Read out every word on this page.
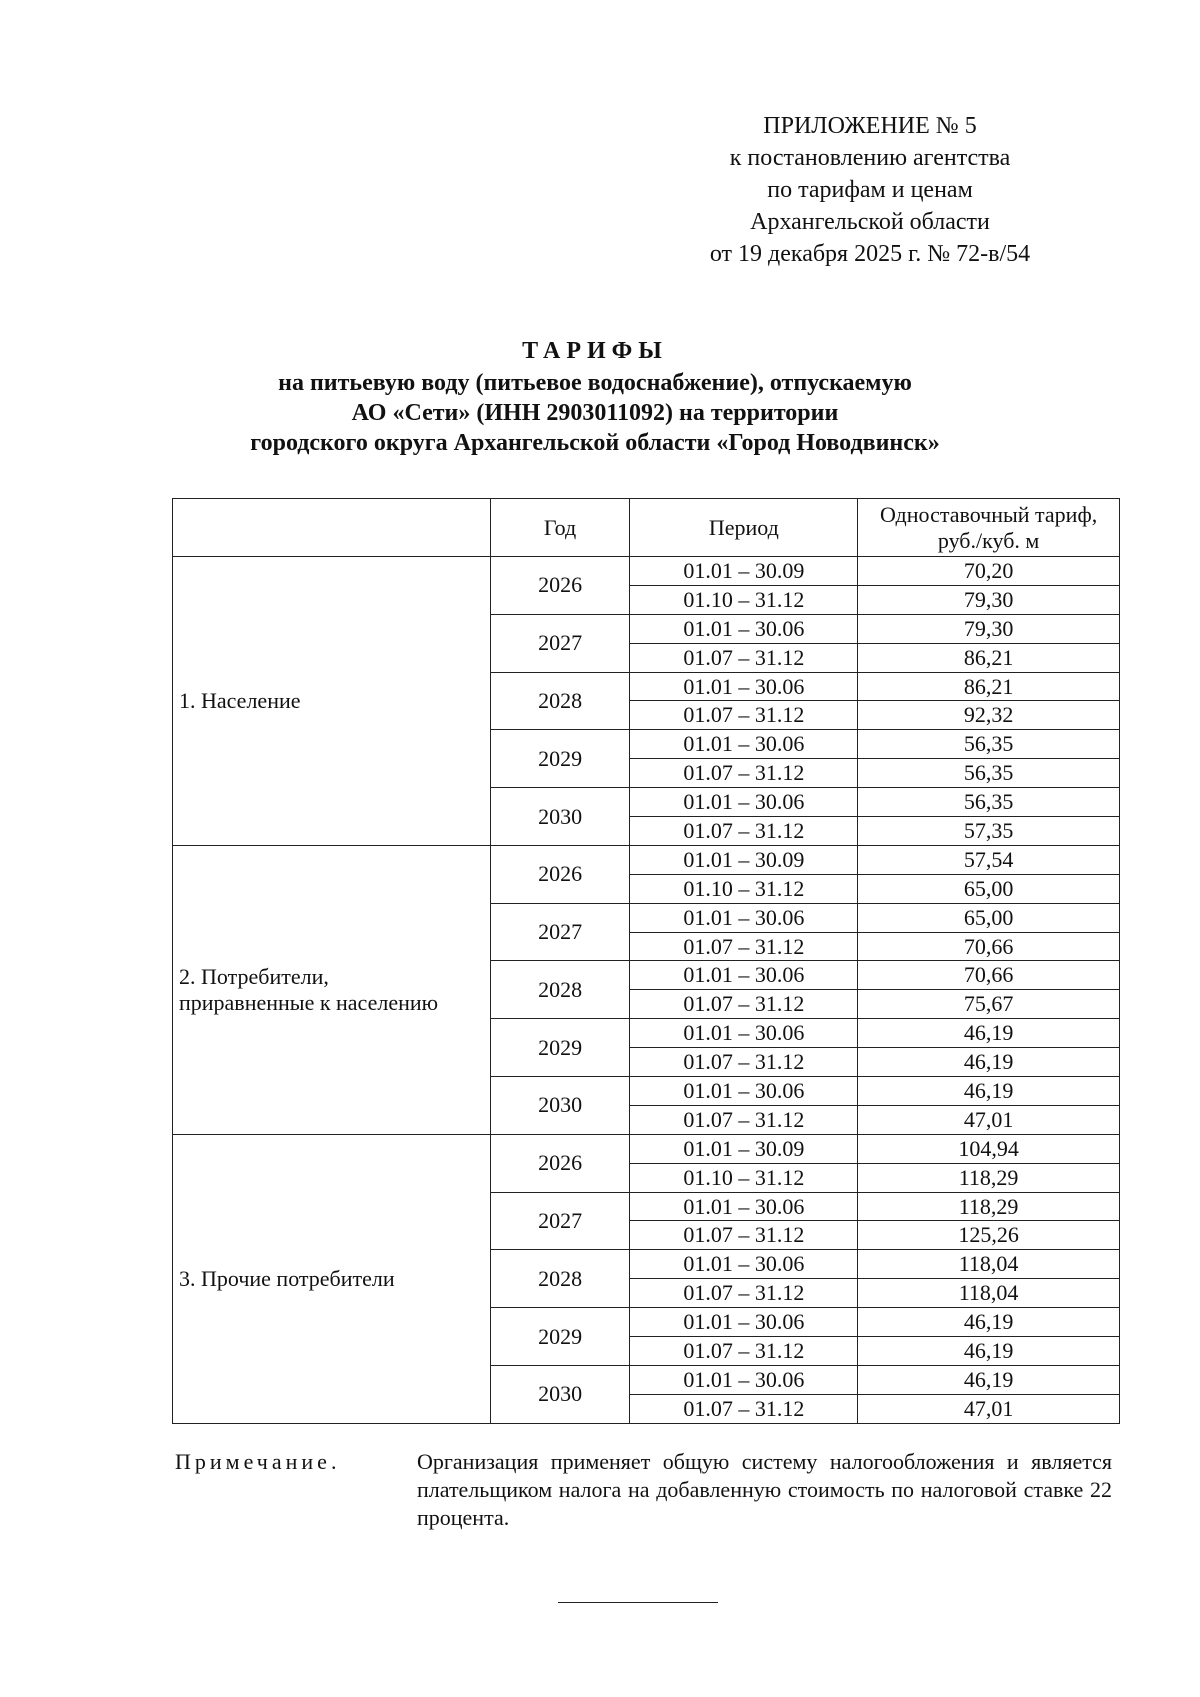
ПРИЛОЖЕНИЕ № 5
к постановлению агентства
по тарифам и ценам
Архангельской области
от 19 декабря 2025 г. № 72-в/54
ТАРИФЫ
на питьевую воду (питьевое водоснабжение), отпускаемую
АО «Сети» (ИНН 2903011092) на территории
городского округа Архангельской области «Город Новодвинск»
	Год	Период	Одноставочный тариф,
руб./куб. м

1. Население	2026	01.01 – 30.09	70,20
		01.10 – 31.12	79,30
	2027	01.01 – 30.06	79,30
		01.07 – 31.12	86,21
	2028	01.01 – 30.06	86,21
		01.07 – 31.12	92,32
	2029	01.01 – 30.06	56,35
		01.07 – 31.12	56,35
	2030	01.01 – 30.06	56,35
		01.07 – 31.12	57,35

2. Потребители,
приравненные к населению	2026	01.01 – 30.09	57,54
		01.10 – 31.12	65,00
	2027	01.01 – 30.06	65,00
		01.07 – 31.12	70,66
	2028	01.01 – 30.06	70,66
		01.07 – 31.12	75,67
	2029	01.01 – 30.06	46,19
		01.07 – 31.12	46,19
	2030	01.01 – 30.06	46,19
		01.07 – 31.12	47,01

3. Прочие потребители	2026	01.01 – 30.09	104,94
		01.10 – 31.12	118,29
	2027	01.01 – 30.06	118,29
		01.07 – 31.12	125,26
	2028	01.01 – 30.06	118,04
		01.07 – 31.12	118,04
	2029	01.01 – 30.06	46,19
		01.07 – 31.12	46,19
	2030	01.01 – 30.06	46,19
		01.07 – 31.12	47,01
Примечание.	Организация применяет общую систему налогообложения и является плательщиком налога на добавленную стоимость по налоговой ставке 22 процента.
